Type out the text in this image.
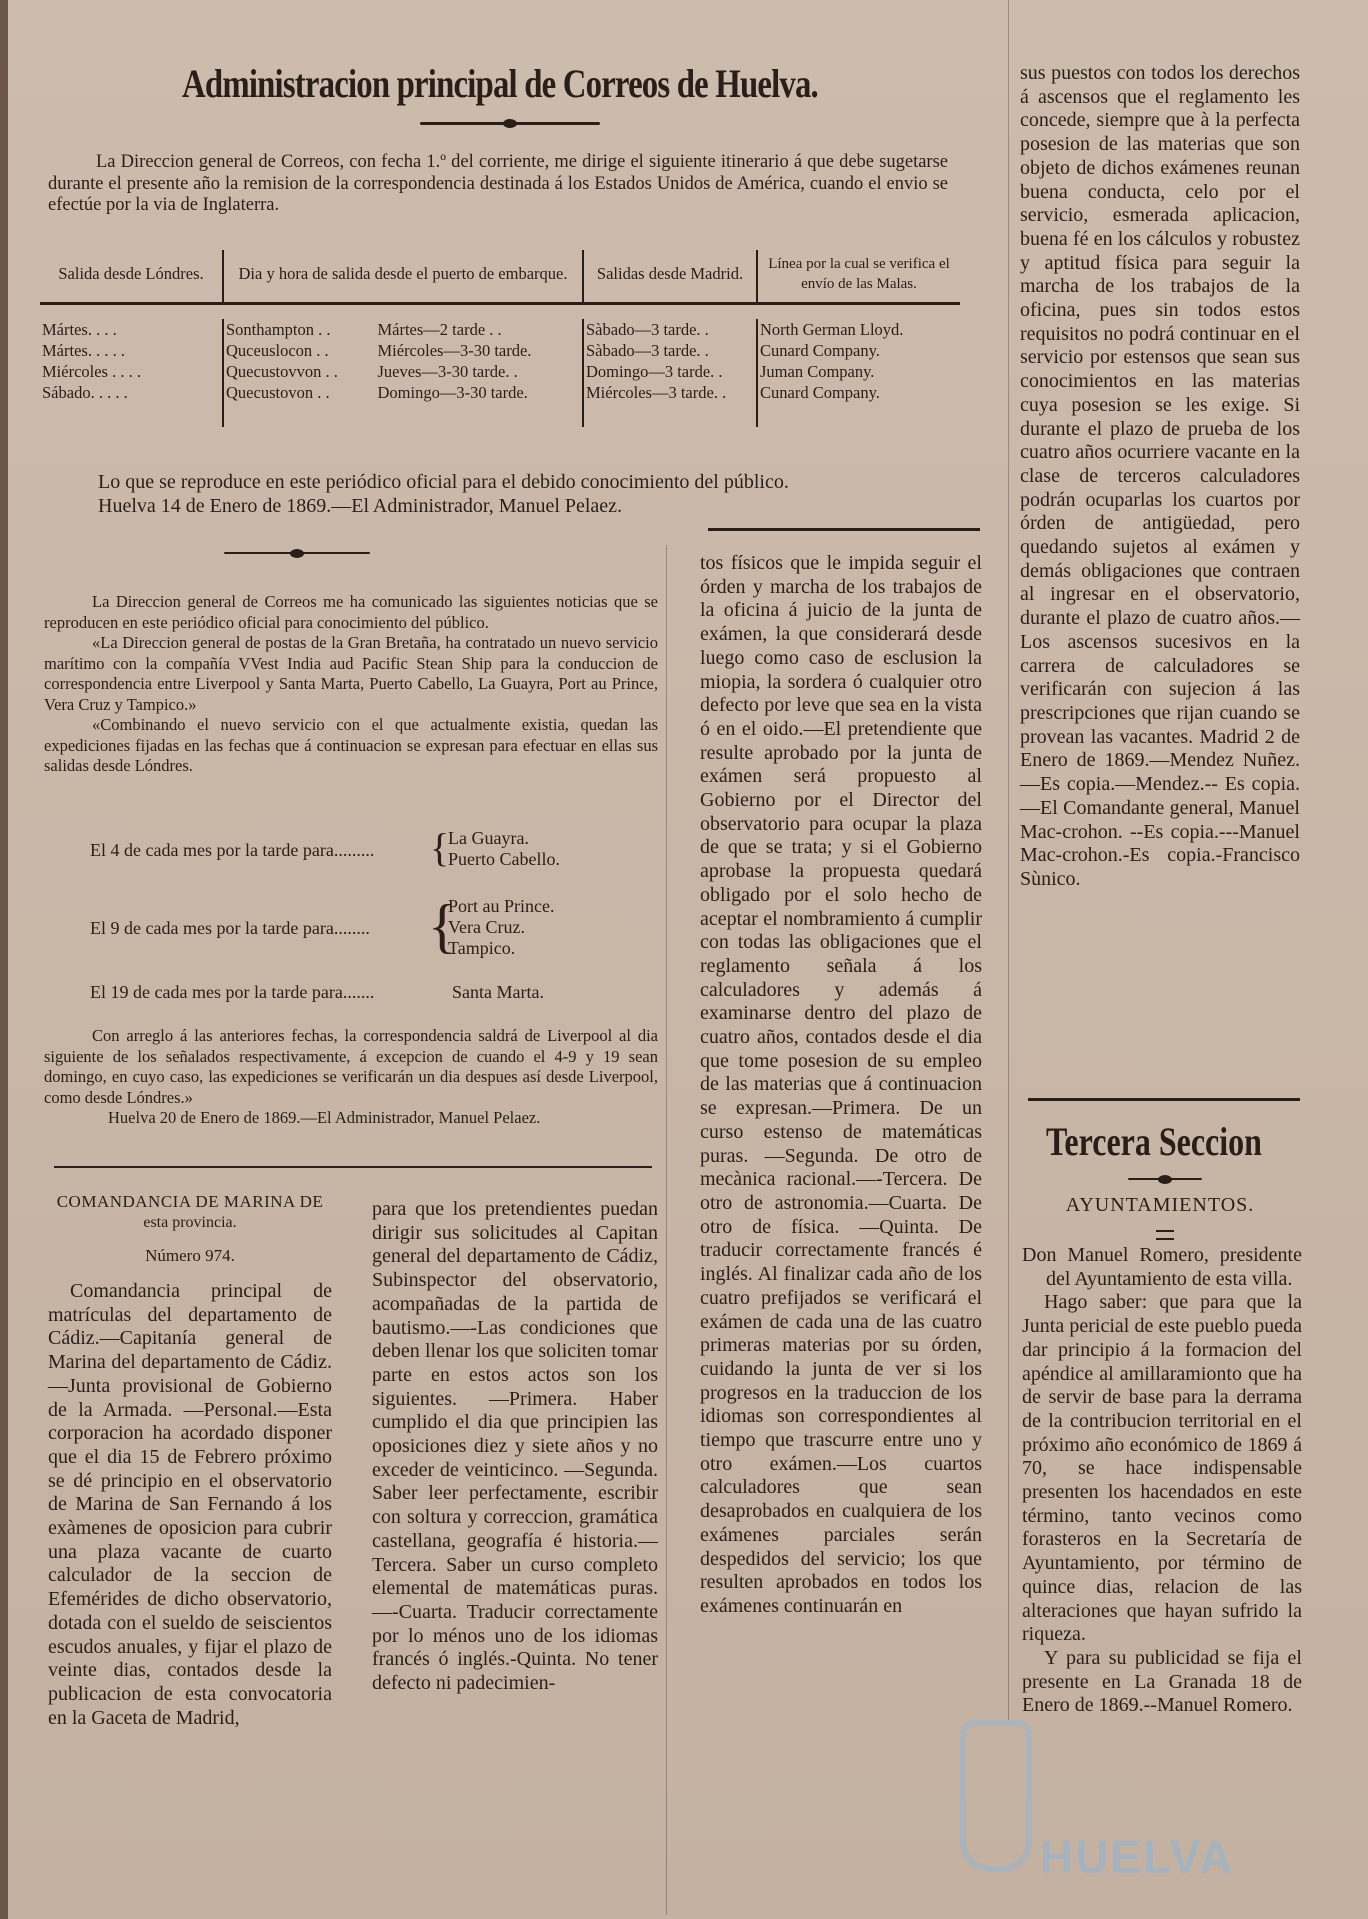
Administracion principal de Correos de Huelva.

La Direccion general de Correos, con fecha 1.º del corriente, me dirige el siguiente itinerario á que debe sugetarse durante el presente año la remision de la correspondencia destinada á los Estados Unidos de América, cuando el envio se efectúe por la via de Inglaterra.

Salida desde Lóndres.	Dia y hora de salida desde el puerto de embarque.		Salidas desde Madrid.	Línea por la cual se verifica el envío de las Malas.

Mártes. . . .	Sonthampton . .	Mártes—2 tarde . .	Sàbado—3 tarde. .	North German Lloyd.
Mártes. . . . .	Quceuslocon . .	Miércoles—3-30 tarde.	Sàbado—3 tarde. .	Cunard Company.
Miércoles . . . .	Quecustovvon . .	Jueves—3-30 tarde. .	Domingo—3 tarde. .	Juman Company.
Sábado. . . . .	Quecustovon . .	Domingo—3-30 tarde.	Miércoles—3 tarde. .	Cunard Company.

Lo que se reproduce en este periódico oficial para el debido conocimiento del público.

Huelva 14 de Enero de 1869.—El Administrador, Manuel Pelaez.

La Direccion general de Correos me ha comunicado las siguientes noticias que se reproducen en este periódico oficial para conocimiento del público.

«La Direccion general de postas de la Gran Bretaña, ha contratado un nuevo servicio marítimo con la compañía VVest India aud Pacific Stean Ship para la conduccion de correspondencia entre Liverpool y Santa Marta, Puerto Cabello, La Guayra, Port au Prince, Vera Cruz y Tampico.»

«Combinando el nuevo servicio con el que actualmente existia, quedan las expediciones fijadas en las fechas que á continuacion se expresan para efectuar en ellas sus salidas desde Lóndres.

El 4 de cada mes por la tarde para......... {
La Guayra.
Puerto Cabello.
El 9 de cada mes por la tarde para........ {
Port au Prince.
Vera Cruz.
Tampico.
El 19 de cada mes por la tarde para.......	Santa Marta.

Con arreglo á las anteriores fechas, la correspondencia saldrá de Liverpool al dia siguiente de los señalados respectivamente, á excepcion de cuando el 4-9 y 19 sean domingo, en cuyo caso, las expediciones se verificarán un dia despues así desde Liverpool, como desde Lóndres.»

Huelva 20 de Enero de 1869.—El Administrador, Manuel Pelaez.

COMANDANCIA DE MARINA DE
esta provincia.
Número 974.

Comandancia principal de matrículas del departamento de Cádiz.—Capitanía general de Marina del departamento de Cádiz.—Junta provisional de Gobierno de la Armada. —Personal.—Esta corporacion ha acordado disponer que el dia 15 de Febrero próximo se dé principio en el observatorio de Marina de San Fernando á los exàmenes de oposicion para cubrir una plaza vacante de cuarto calculador de la seccion de Efemérides de dicho observatorio, dotada con el sueldo de seiscientos escudos anuales, y fijar el plazo de veinte dias, contados desde la publicacion de esta convocatoria en la Gaceta de Madrid,

para que los pretendientes puedan dirigir sus solicitudes al Capitan general del departamento de Cádiz, Subinspector del observatorio, acompañadas de la partida de bautismo.—-Las condiciones que deben llenar los que soliciten tomar parte en estos actos son los siguientes. —Primera. Haber cumplido el dia que principien las oposiciones diez y siete años y no exceder de veinticinco. —Segunda. Saber leer perfectamente, escribir con soltura y correccion, gramática castellana, geografía é historia.—Tercera. Saber un curso completo elemental de matemáticas puras.—-Cuarta. Traducir correctamente por lo ménos uno de los idiomas francés ó inglés.-Quinta. No tener defecto ni padecimien-

tos físicos que le impida seguir el órden y marcha de los trabajos de la oficina á juicio de la junta de exámen, la que considerará desde luego como caso de esclusion la miopia, la sordera ó cualquier otro defecto por leve que sea en la vista ó en el oido.—El pretendiente que resulte aprobado por la junta de exámen será propuesto al Gobierno por el Director del observatorio para ocupar la plaza de que se trata; y si el Gobierno aprobase la propuesta quedará obligado por el solo hecho de aceptar el nombramiento á cumplir con todas las obligaciones que el reglamento señala á los calculadores y además á examinarse dentro del plazo de cuatro años, contados desde el dia que tome posesion de su empleo de las materias que á continuacion se expresan.—Primera. De un curso estenso de matemáticas puras. —Segunda. De otro de mecànica racional.—-Tercera. De otro de astronomia.—Cuarta. De otro de física. —Quinta. De traducir correctamente francés é inglés. Al finalizar cada año de los cuatro prefijados se verificará el exámen de cada una de las cuatro primeras materias por su órden, cuidando la junta de ver si los progresos en la traduccion de los idiomas son correspondientes al tiempo que trascurre entre uno y otro exámen.—Los cuartos calculadores que sean desaprobados en cualquiera de los exámenes parciales serán despedidos del servicio; los que resulten aprobados en todos los exámenes continuarán en

sus puestos con todos los derechos á ascensos que el reglamento les concede, siempre que à la perfecta posesion de las materias que son objeto de dichos exámenes reunan buena conducta, celo por el servicio, esmerada aplicacion, buena fé en los cálculos y robustez y aptitud física para seguir la marcha de los trabajos de la oficina, pues sin todos estos requisitos no podrá continuar en el servicio por estensos que sean sus conocimientos en las materias cuya posesion se les exige. Si durante el plazo de prueba de los cuatro años ocurriere vacante en la clase de terceros calculadores podrán ocuparlas los cuartos por órden de antigüedad, pero quedando sujetos al exámen y demás obligaciones que contraen al ingresar en el observatorio, durante el plazo de cuatro años.—Los ascensos sucesivos en la carrera de calculadores se verificarán con sujecion á las prescripciones que rijan cuando se provean las vacantes. Madrid 2 de Enero de 1869.—Mendez Nuñez.—Es copia.—Mendez.-- Es copia.—El Comandante general, Manuel Mac-crohon. --Es copia.---Manuel Mac-crohon.-Es copia.-Francisco Sùnico.

Tercera Seccion
AYUNTAMIENTOS.

Don Manuel Romero, presidente del Ayuntamiento de esta villa.

Hago saber: que para que la Junta pericial de este pueblo pueda dar principio á la formacion del apéndice al amillaramionto que ha de servir de base para la derrama de la contribucion territorial en el próximo año económico de 1869 á 70, se hace indispensable presenten los hacendados en este término, tanto vecinos como forasteros en la Secretaría de Ayuntamiento, por término de quince dias, relacion de las alteraciones que hayan sufrido la riqueza.

Y para su publicidad se fija el presente en La Granada 18 de Enero de 1869.--Manuel Romero.

HUELVA
